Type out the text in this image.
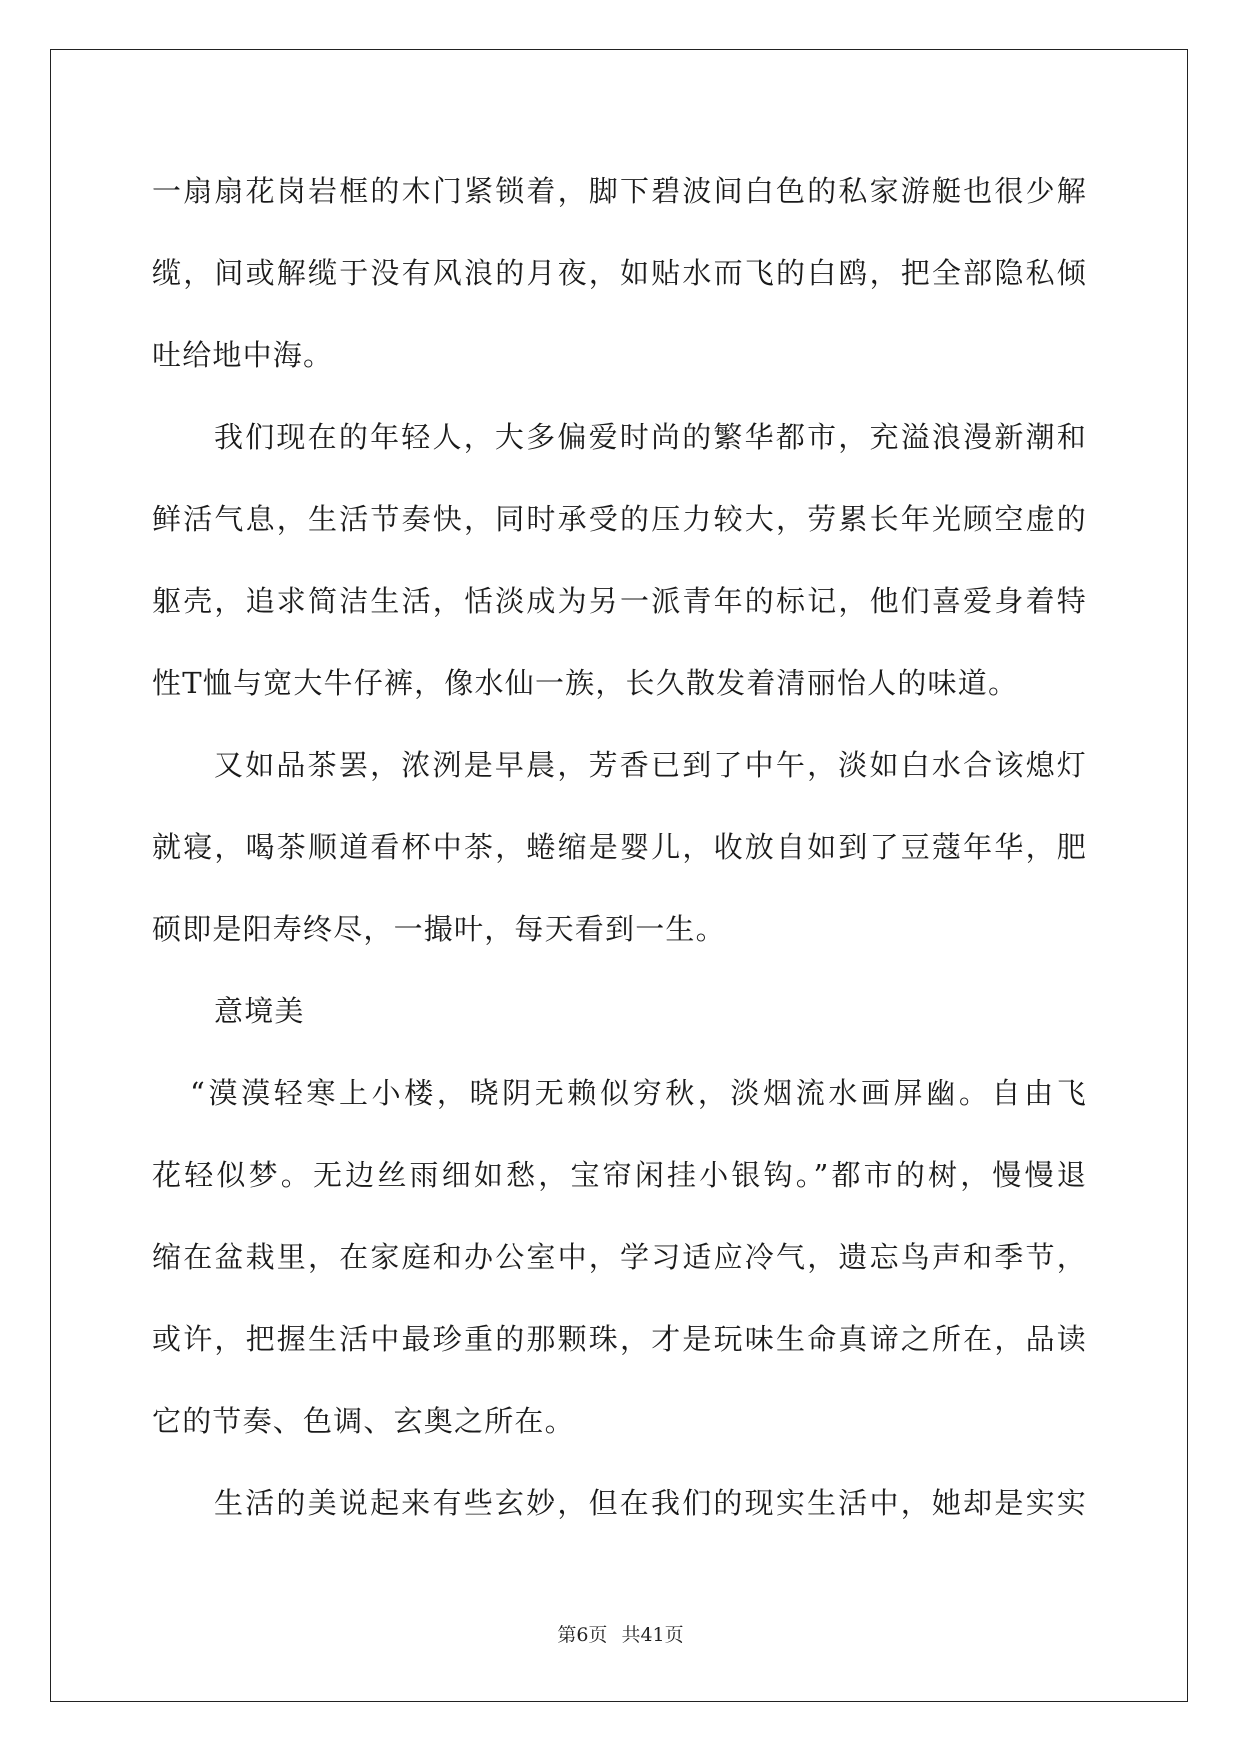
一扇扇花岗岩框的木门紧锁着，脚下碧波间白色的私家游艇也很少解
缆，间或解缆于没有风浪的月夜，如贴水而飞的白鸥，把全部隐私倾
吐给地中海。
我们现在的年轻人，大多偏爱时尚的繁华都市，充溢浪漫新潮和
鲜活气息，生活节奏快，同时承受的压力较大，劳累长年光顾空虚的
躯壳，追求简洁生活，恬淡成为另一派青年的标记，他们喜爱身着特
性T恤与宽大牛仔裤，像水仙一族，长久散发着清丽怡人的味道。
又如品茶罢，浓洌是早晨，芳香已到了中午，淡如白水合该熄灯
就寝，喝茶顺道看杯中茶，蜷缩是婴儿，收放自如到了豆蔻年华，肥
硕即是阳寿终尽，一撮叶，每天看到一生。
意境美
“漠漠轻寒上小楼，晓阴无赖似穷秋，淡烟流水画屏幽。自由飞
花轻似梦。无边丝雨细如愁，宝帘闲挂小银钩。”都市的树，慢慢退
缩在盆栽里，在家庭和办公室中，学习适应冷气，遗忘鸟声和季节，
或许，把握生活中最珍重的那颗珠，才是玩味生命真谛之所在，品读
它的节奏、色调、玄奥之所在。
生活的美说起来有些玄妙，但在我们的现实生活中，她却是实实
第6页 共41页
